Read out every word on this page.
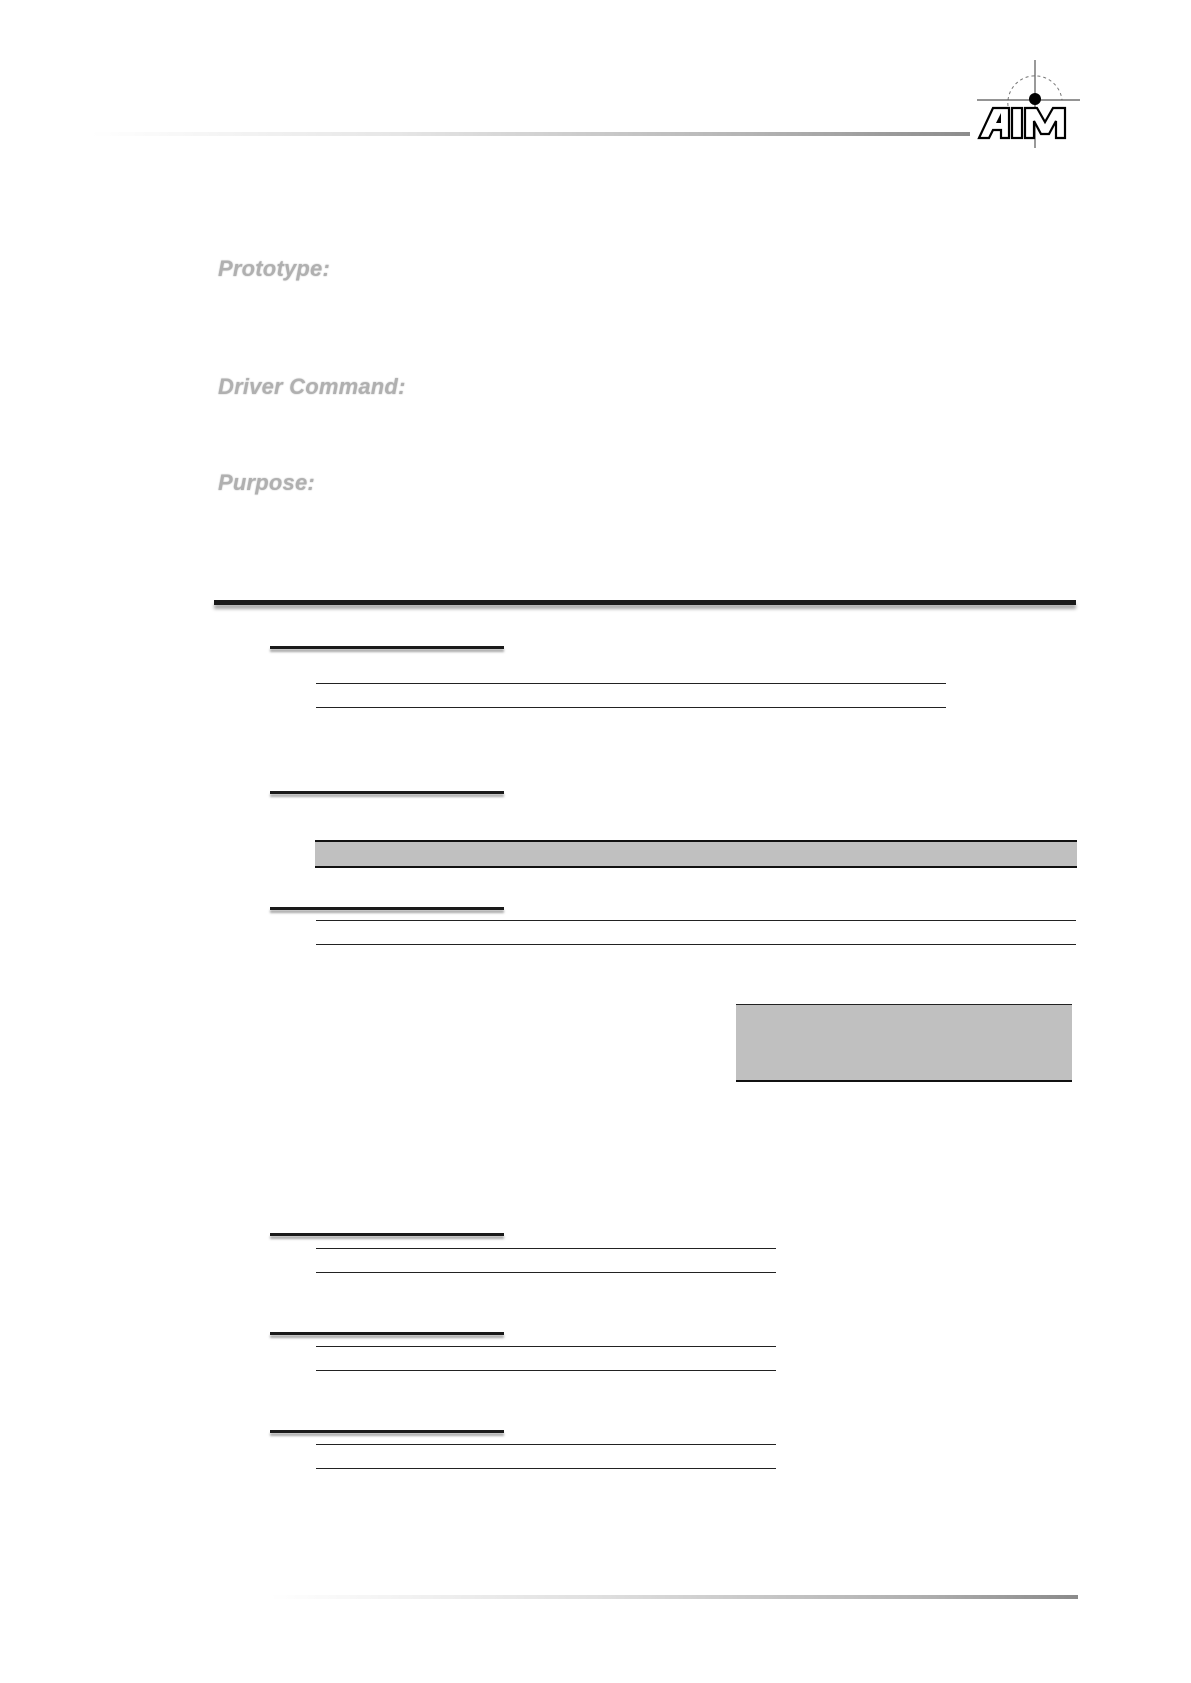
Prototype:
Driver Command:
Purpose:
